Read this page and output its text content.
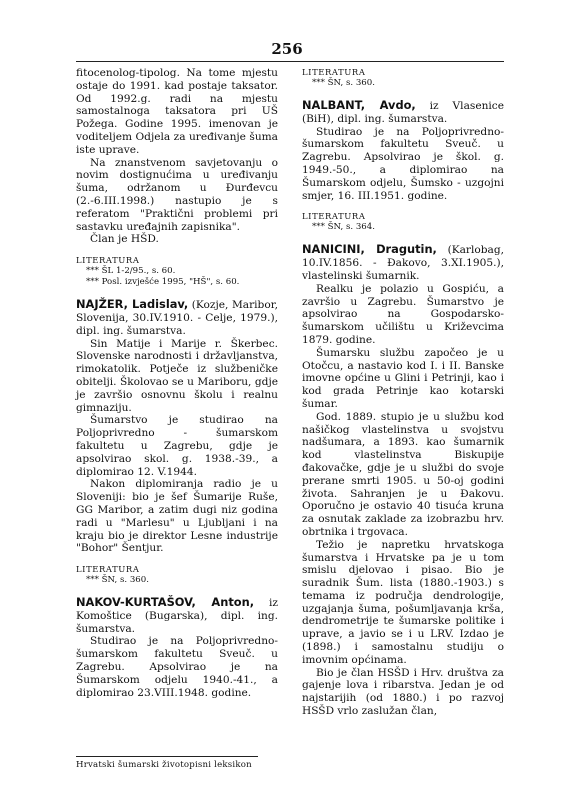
256

fitocenolog-tipolog. Na tome mjestu ostaje do 1991. kad postaje taksator. Od 1992.g. radi na mjestu samostalnoga taksatora pri UŠ Požega. Godine 1995. imenovan je voditeljem Odjela za uređivanje šuma iste uprave.

Na znanstvenom savjetovanju o novim dostignućima u uređivanju šuma, održanom u Đurđevcu (2.-6.III.1998.) nastupio je s referatom "Praktični problemi pri sastavku uređajnih zapisnika".

Član je HŠD.

LITERATURA

*** ŠL 1-2/95., s. 60.

*** Posl. izvješće 1995, "HŠ", s. 60.

NAJŽER, Ladislav, (Kozje, Maribor, Slovenija, 30.IV.1910. - Celje, 1979.), dipl. ing. šumarstva.

Sin Matije i Marije r. Škerbec. Slovenske narodnosti i državljanstva, rimokatolik. Potječe iz službeničke obitelji. Školovao se u Mariboru, gdje je završio osnovnu školu i realnu gimnaziju.

Šumarstvo je studirao na Poljoprivredno - šumarskom fakultetu u Zagrebu, gdje je apsolvirao skol. g. 1938.-39., a diplomirao 12. V.1944.

Nakon diplomiranja radio je u Sloveniji: bio je šef Šumarije Ruše, GG Maribor, a zatim dugi niz godina radi u "Marlesu" u Ljubljani i na kraju bio je direktor Lesne industrije "Bohor" Šentjur.

LITERATURA

*** ŠN, s. 360.

NAKOV-KURTAŠOV, Anton, iz Komoštice (Bugarska), dipl. ing. šumarstva.

Studirao je na Poljoprivredno- šumarskom fakultetu Sveuč. u Zagrebu. Apsolvirao je na Šumarskom odjelu 1940.-41., a diplomirao 23.VIII.1948. godine.

LITERATURA

*** ŠN, s. 360.

NALBANT, Avdo, iz Vlasenice (BiH), dipl. ing. šumarstva.

Studirao je na Poljoprivredno-šumarskom fakultetu Sveuč. u Zagrebu. Apsolvirao je škol. g. 1949.-50., a diplomirao na Šumarskom odjelu, Šumsko - uzgojni smjer, 16. III.1951. godine.

LITERATURA

*** ŠN, s. 364.

NANICINI, Dragutin, (Karlobag, 10.IV.1856. - Đakovo, 3.XI.1905.), vlastelinski šumarnik.

Realku je polazio u Gospiću, a završio u Zagrebu. Šumarstvo je apsolvirao na Gospodarsko-šumarskom učilištu u Križevcima 1879. godine.

Šumarsku službu započeo je u Otočcu, a nastavio kod I. i II. Banske imovne općine u Glini i Petrinji, kao i kod grada Petrinje kao kotarski šumar.

God. 1889. stupio je u službu kod našičkog vlastelinstva u svojstvu nadšumara, a 1893. kao šumarnik kod vlastelinstva Biskupije đakovačke, gdje je u službi do svoje prerane smrti 1905. u 50-oj godini života. Sahranjen je u Đakovu. Oporučno je ostavio 40 tisuća kruna za osnutak zaklade za izobrazbu hrv. obrtnika i trgovaca.

Težio je napretku hrvatskoga šumarstva i Hrvatske pa je u tom smislu djelovao i pisao. Bio je suradnik Šum. lista (1880.-1903.) s temama iz područja dendrologije, uzgajanja šuma, pošumljavanja krša, dendrometrije te šumarske politike i uprave, a javio se i u LRV. Izdao je (1898.) i samostalnu studiju o imovnim općinama.

Bio je član HSŠD i Hrv. društva za gajenje lova i ribarstva. Jedan je od najstarijih (od 1880.) i po razvoj HSŠD vrlo zaslužan član,

Hrvatski šumarski životopisni leksikon
